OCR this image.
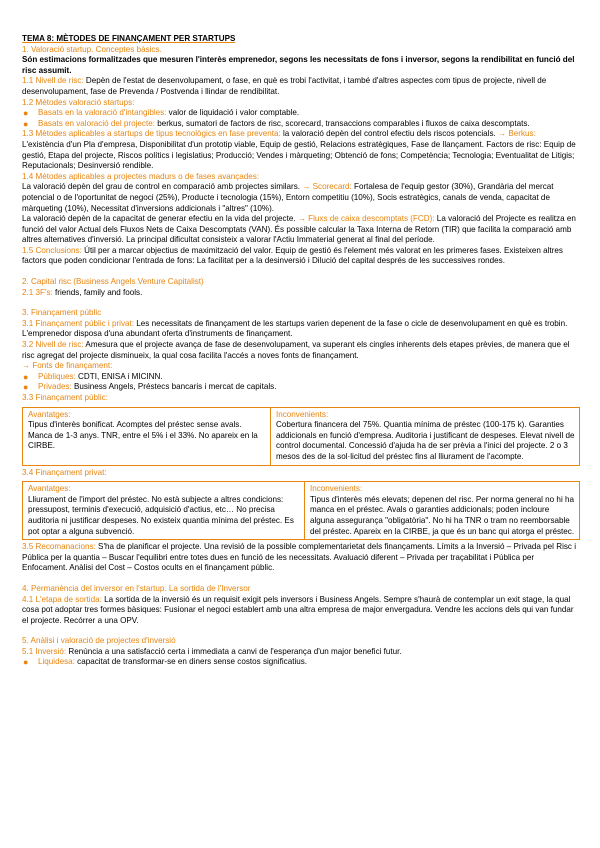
TEMA 8: MÈTODES DE FINANÇAMENT PER STARTUPS

1. Valoració startup. Conceptes bàsics.

Són estimacions formalitzades que mesuren l'interès emprenedor, segons les necessitats de fons i inversor, segons la rendibilitat en funció del risc assumit.

1.1 Nivell de risc: Depèn de l'estat de desenvolupament, o fase, en què es trobi l'activitat, i també d'altres aspectes com tipus de projecte, nivell de desenvolupament, fase de Prevenda / Postvenda i llindar de rendibilitat.

1.2 Mètodes valoració startups:

● Basats en la valoració d'intangibles: valor de liquidació i valor comptable.
● Basats en valoració del projecte: berkus, sumatori de factors de risc, scorecard, transaccions comparables i fluxos de caixa descomptats.

1.3 Mètodes aplicables a startups de tipus tecnològics en fase preventa: la valoració depèn del control efectiu dels riscos potencials. → Berkus: L'existència d'un Pla d'empresa, Disponibilitat d'un prototip viable, Equip de gestió, Relacions estratègiques, Fase de llançament. Factors de risc: Equip de gestió, Etapa del projecte, Riscos polítics i legislatius; Producció; Vendes i màrqueting; Obtenció de fons; Competència; Tecnologia; Eventualitat de Litigis; Reputacionals; Desinversió rendible.

1.4 Mètodes aplicables a projectes madurs o de fases avançades:

La valoració depèn del grau de control en comparació amb projectes similars. → Scorecard: Fortalesa de l'equip gestor (30%), Grandària del mercat potencial o de l'oportunitat de negoci (25%), Producte i tecnologia (15%), Entorn competitiu (10%), Socis estratègics, canals de venda, capacitat de màrqueting (10%), Necessitat d'inversions addicionals i "altres" (10%).

La valoració depèn de la capacitat de generar efectiu en la vida del projecte. → Fluxs de caixa descomptats (FCD): La valoració del Projecte es realitza en funció del valor Actual dels Fluxos Nets de Caixa Descomptats (VAN). És possible calcular la Taxa Interna de Retorn (TIR) que facilita la comparació amb altres alternatives d'inversió. La principal dificultat consisteix a valorar l'Actiu Immaterial generat al final del període.

1.5 Conclusions: Útil per a marcar objectius de maximització del valor. Equip de gestió és l'element més valorat en les primeres fases. Existeixen altres factors que poden condicionar l'entrada de fons: La facilitat per a la desinversió i Dilució del capital després de les successives rondes.

2. Capital risc (Business Angels Venture Capitalist)

2.1 3F's: friends, family and fools.

3. Finançament públic

3.1 Finançament públic i privat: Les necessitats de finançament de les startups varien depenent de la fase o cicle de desenvolupament en què es trobin. L'emprenedor disposa d'una abundant oferta d'instruments de finançament.

3.2 Nivell de risc: Amesura que el projecte avança de fase de desenvolupament, va superant els cingles inherents dels etapes prèvies, de manera que el risc agregat del projecte disminueix, la qual cosa facilita l'accés a noves fonts de finançament.

→ Fonts de finançament:

● Públiques: CDTI, ENISA i MICINN.
● Privades: Business Angels, Préstecs bancaris i mercat de capitals.

3.3 Finançament públic:

Avantatges:

Tipus d'interès bonificat. Acomptes del préstec sense avals. Manca de 1-3 anys. TNR, entre el 5% i el 33%. No apareix en la CIRBE.

Inconvenients:

Cobertura financera del 75%. Quantia mínima de préstec (100-175 k). Garanties addicionals en funció d'empresa. Auditoria i justificant de despeses. Elevat nivell de control documental. Concessió d'ajuda ha de ser prèvia a l'inici del projecte. 2 o 3 mesos des de la sol·licitud del préstec fins al lliurament de l'acompte.

3.4 Finançament privat:

Avantatges:

Lliurament de l'import del préstec. No està subjecte a altres condicions: pressupost, terminis d'execució, adquisició d'actius, etc… No precisa auditoria ni justificar despeses. No existeix quantia mínima del préstec. Es pot optar a alguna subvenció.

Inconvenients:

Tipus d'interès més elevats; depenen del risc. Per norma general no hi ha manca en el préstec. Avals o garanties addicionals; poden incloure alguna assegurança "obligatòria". No hi ha TNR o tram no reemborsable del préstec. Apareix en la CIRBE, ja que és un banc qui atorga el préstec.

3.5 Recomanacions: S'ha de planificar el projecte. Una revisió de la possible complementarietat dels finançaments. Límits a la Inversió – Privada pel Risc i Pública per la quantia – Buscar l'equilibri entre totes dues en funció de les necessitats. Avaluació diferent – Privada per traçabilitat i Pública per Enfocament. Anàlisi del Cost – Costos ocults en el finançament públic.

4. Permanència del inversor en l'startup. La sortida de l'Inversor

4.1 L'etapa de sortida: La sortida de la inversió és un requisit exigit pels inversors i Business Angels. Sempre s'haurà de contemplar un exit stage, la qual cosa pot adoptar tres formes bàsiques: Fusionar el negoci establert amb una altra empresa de major envergadura. Vendre les accions dels qui van fundar el projecte. Recórrer a una OPV.

5. Anàlisi i valoració de projectes d'inversió

5.1 Inversió: Renúncia a una satisfacció certa i immediata a canvi de l'esperança d'un major benefici futur.

● Liquidesa: capacitat de transformar-se en diners sense costos significatius.
